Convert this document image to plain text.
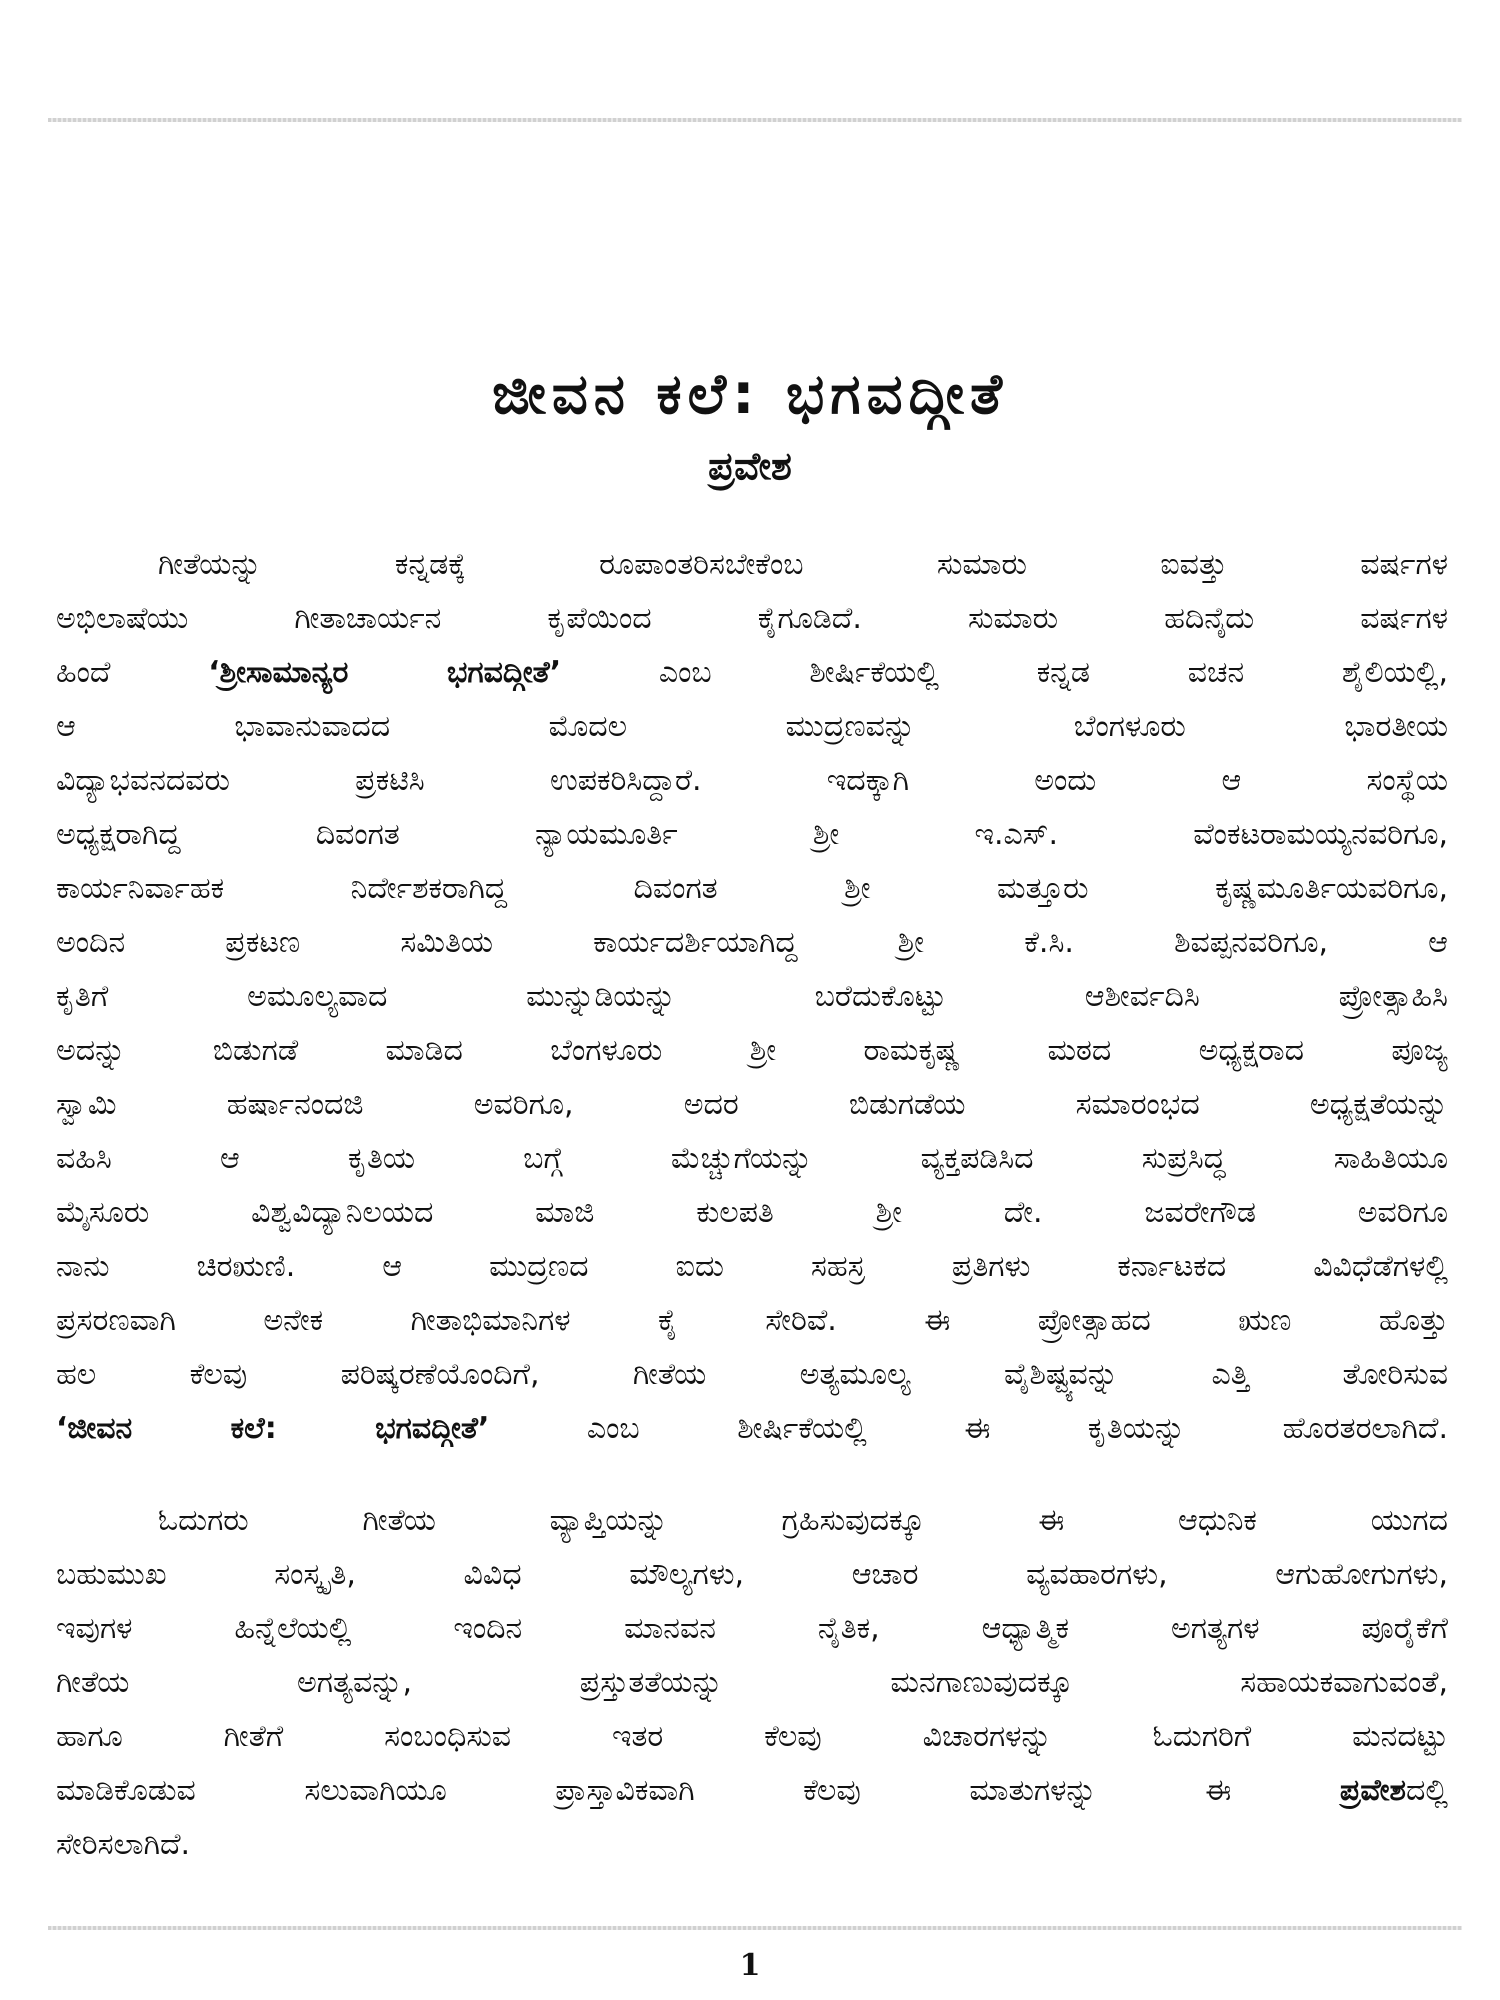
ಜೀವನ ಕಲೆ: ಭಗವದ್ಗೀತೆ
ಪ್ರವೇಶ

ಗೀತೆಯನ್ನು ಕನ್ನಡಕ್ಕೆ ರೂಪಾಂತರಿಸಬೇಕೆಂಬ ಸುಮಾರು ಐವತ್ತು ವರ್ಷಗಳ
ಅಭಿಲಾಷೆಯು ಗೀತಾಚಾರ್ಯನ ಕೃಪೆಯಿಂದ ಕೈಗೂಡಿದೆ. ಸುಮಾರು ಹದಿನೈದು ವರ್ಷಗಳ
ಹಿಂದೆ	‘ಶ್ರೀಸಾಮಾನ್ಯರ ಭಗವದ್ಗೀತೆ’	ಎಂಬ ಶೀರ್ಷಿಕೆಯಲ್ಲಿ	ಕನ್ನಡ ವಚನ ಶೈಲಿಯಲ್ಲಿ,
ಆ ಭಾವಾನುವಾದದ ಮೊದಲ ಮುದ್ರಣವನ್ನು ಬೆಂಗಳೂರು ಭಾರತೀಯ
ವಿದ್ಯಾಭವನದವರು ಪ್ರಕಟಿಸಿ ಉಪಕರಿಸಿದ್ದಾರೆ. ಇದಕ್ಕಾಗಿ ಅಂದು ಆ ಸಂಸ್ಥೆಯ
ಅಧ್ಯಕ್ಷರಾಗಿದ್ದ ದಿವಂಗತ ನ್ಯಾಯಮೂರ್ತಿ ಶ್ರೀ ಇ.ಎಸ್. ವೆಂಕಟರಾಮಯ್ಯನವರಿಗೂ,
ಕಾರ್ಯನಿರ್ವಾಹಕ ನಿರ್ದೇಶಕರಾಗಿದ್ದ ದಿವಂಗತ ಶ್ರೀ ಮತ್ತೂರು ಕೃಷ್ಣಮೂರ್ತಿಯವರಿಗೂ,
ಅಂದಿನ ಪ್ರಕಟಣ ಸಮಿತಿಯ ಕಾರ್ಯದರ್ಶಿಯಾಗಿದ್ದ ಶ್ರೀ ಕೆ.ಸಿ. ಶಿವಪ್ಪನವರಿಗೂ, ಆ
ಕೃತಿಗೆ ಅಮೂಲ್ಯವಾದ ಮುನ್ನುಡಿಯನ್ನು ಬರೆದುಕೊಟ್ಟು ಆಶೀರ್ವದಿಸಿ ಪ್ರೋತ್ಸಾಹಿಸಿ
ಅದನ್ನು ಬಿಡುಗಡೆ ಮಾಡಿದ ಬೆಂಗಳೂರು ಶ್ರೀ ರಾಮಕೃಷ್ಣ ಮಠದ ಅಧ್ಯಕ್ಷರಾದ ಪೂಜ್ಯ
ಸ್ವಾಮಿ ಹರ್ಷಾನಂದಜಿ ಅವರಿಗೂ, ಅದರ ಬಿಡುಗಡೆಯ ಸಮಾರಂಭದ ಅಧ್ಯಕ್ಷತೆಯನ್ನು
ವಹಿಸಿ ಆ ಕೃತಿಯ ಬಗ್ಗೆ ಮೆಚ್ಚುಗೆಯನ್ನು ವ್ಯಕ್ತಪಡಿಸಿದ ಸುಪ್ರಸಿದ್ಧ ಸಾಹಿತಿಯೂ
ಮೈಸೂರು ವಿಶ್ವವಿದ್ಯಾನಿಲಯದ ಮಾಜಿ ಕುಲಪತಿ ಶ್ರೀ ದೇ. ಜವರೇಗೌಡ ಅವರಿಗೂ
ನಾನು ಚಿರಋಣಿ. ಆ ಮುದ್ರಣದ ಐದು ಸಹಸ್ರ ಪ್ರತಿಗಳು ಕರ್ನಾಟಕದ ವಿವಿಧೆಡೆಗಳಲ್ಲಿ
ಪ್ರಸರಣವಾಗಿ ಅನೇಕ ಗೀತಾಭಿಮಾನಿಗಳ ಕೈ ಸೇರಿವೆ. ಈ ಪ್ರೋತ್ಸಾಹದ ಋಣ ಹೊತ್ತು
ಹಲ ಕೆಲವು ಪರಿಷ್ಕರಣೆಯೊಂದಿಗೆ, ಗೀತೆಯ ಅತ್ಯಮೂಲ್ಯ ವೈಶಿಷ್ಟ್ಯವನ್ನು ಎತ್ತಿ ತೋರಿಸುವ
‘ಜೀವನ ಕಲೆ: ಭಗವದ್ಗೀತೆ’	ಎಂಬ ಶೀರ್ಷಿಕೆಯಲ್ಲಿ ಈ ಕೃತಿಯನ್ನು ಹೊರತರಲಾಗಿದೆ.

ಓದುಗರು ಗೀತೆಯ ವ್ಯಾಪ್ತಿಯನ್ನು ಗ್ರಹಿಸುವುದಕ್ಕೂ ಈ ಆಧುನಿಕ ಯುಗದ
ಬಹುಮುಖ ಸಂಸ್ಕೃತಿ, ವಿವಿಧ ಮೌಲ್ಯಗಳು, ಆಚಾರ ವ್ಯವಹಾರಗಳು, ಆಗುಹೋಗುಗಳು,
ಇವುಗಳ ಹಿನ್ನೆಲೆಯಲ್ಲಿ ಇಂದಿನ ಮಾನವನ ನೈತಿಕ, ಆಧ್ಯಾತ್ಮಿಕ ಅಗತ್ಯಗಳ ಪೂರೈಕೆಗೆ
ಗೀತೆಯ ಅಗತ್ಯವನ್ನು, ಪ್ರಸ್ತುತತೆಯನ್ನು ಮನಗಾಣುವುದಕ್ಕೂ ಸಹಾಯಕವಾಗುವಂತೆ,
ಹಾಗೂ ಗೀತೆಗೆ ಸಂಬಂಧಿಸುವ ಇತರ ಕೆಲವು ವಿಚಾರಗಳನ್ನು ಓದುಗರಿಗೆ ಮನದಟ್ಟು
ಮಾಡಿಕೊಡುವ ಸಲುವಾಗಿಯೂ ಪ್ರಾಸ್ತಾವಿಕವಾಗಿ ಕೆಲವು ಮಾತುಗಳನ್ನು ಈ	ಪ್ರವೇಶದಲ್ಲಿ
ಸೇರಿಸಲಾಗಿದೆ.

1
